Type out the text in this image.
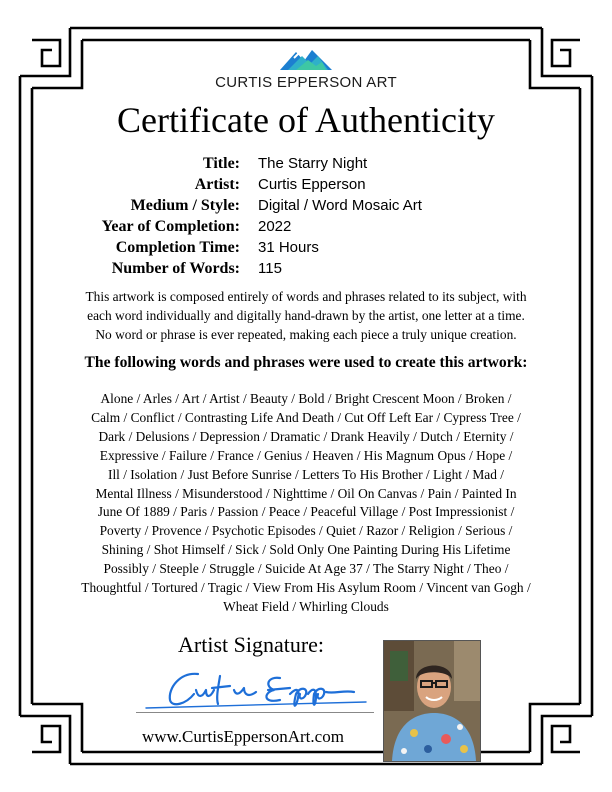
CURTIS EPPERSON ART
Certificate of Authenticity
Title: The Starry Night
Artist: Curtis Epperson
Medium / Style: Digital / Word Mosaic Art
Year of Completion: 2022
Completion Time: 31 Hours
Number of Words: 115
This artwork is composed entirely of words and phrases related to its subject, with
each word individually and digitally hand-drawn by the artist, one letter at a time.
No word or phrase is ever repeated, making each piece a truly unique creation.
The following words and phrases were used to create this artwork:
Alone / Arles / Art / Artist / Beauty / Bold / Bright Crescent Moon / Broken /
Calm / Conflict / Contrasting Life And Death / Cut Off Left Ear / Cypress Tree /
Dark / Delusions / Depression / Dramatic / Drank Heavily / Dutch / Eternity /
Expressive / Failure / France / Genius / Heaven / His Magnum Opus / Hope /
Ill / Isolation / Just Before Sunrise / Letters To His Brother / Light / Mad /
Mental Illness / Misunderstood / Nighttime / Oil On Canvas / Pain / Painted In
June Of 1889 / Paris / Passion / Peace / Peaceful Village / Post Impressionist /
Poverty / Provence / Psychotic Episodes / Quiet / Razor / Religion / Serious /
Shining / Shot Himself / Sick / Sold Only One Painting During His Lifetime
Possibly / Steeple / Struggle / Suicide At Age 37 / The Starry Night / Theo /
Thoughtful / Tortured / Tragic / View From His Asylum Room / Vincent van Gogh /
Wheat Field / Whirling Clouds
Artist Signature:
www.CurtisEppersonArt.com
